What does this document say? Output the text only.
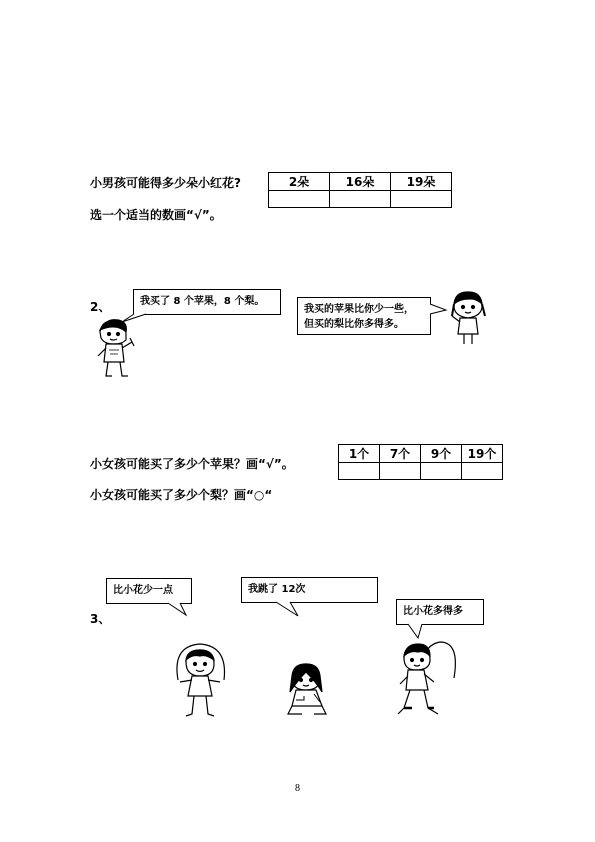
小男孩可能得多少朵小红花?
选一个适当的数画“√”。
2朵	16朵	19朵

2、	我买了 8 个苹果，8 个梨。
我买的苹果比你少一些，
但买的梨比你多得多。
小女孩可能买了多少个苹果？画“√”。
小女孩可能买了多少个梨？画“○“
1个	7个	9个	19个

3、
比小花少一点	我跳了 12次
比小花多得多
8
